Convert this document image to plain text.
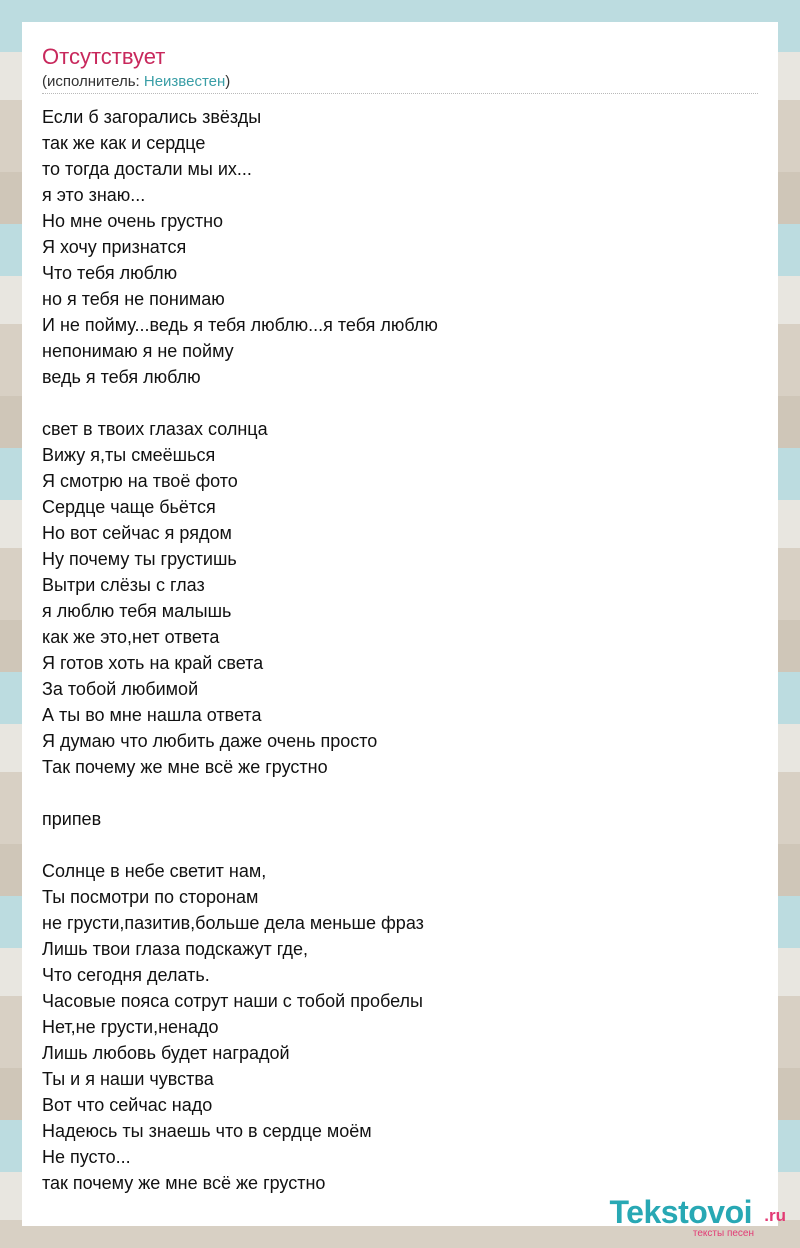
Отсутствует
(исполнитель: Неизвестен)
Если б загорались звёзды
так же как и сердце
то тогда достали мы их...
я это знаю...
Но мне очень грустно
Я хочу признатся
Что тебя люблю
но я тебя не понимаю
И не пойму...ведь я тебя люблю...я тебя люблю
непонимаю я не пойму
ведь я тебя люблю
свет в твоих глазах солнца
Вижу я,ты смеёшься
Я смотрю на твоё фото
Сердце чаще бьётся
Но вот сейчас я рядом
Ну почему ты грустишь
Вытри слёзы с глаз
я люблю тебя малышь
как же это,нет ответа
Я готов хоть на край света
За тобой любимой
А ты во мне нашла ответа
Я думаю что любить даже очень просто
Так почему же мне всё же грустно
припев
Солнце в небе светит нам,
Ты посмотри по сторонам
не грусти,пазитив,больше дела меньше фраз
Лишь твои глаза подскажут где,
Что сегодня делать.
Часовые пояса сотрут наши с тобой пробелы
Нет,не грусти,ненадо
Лишь любовь будет наградой
Ты и я наши чувства
Вот что сейчас надо
Надеюсь ты знаешь что в сердце моём
Не пусто...
так почему же мне всё же грустно
Tekstovoi .ru
тексты песен
